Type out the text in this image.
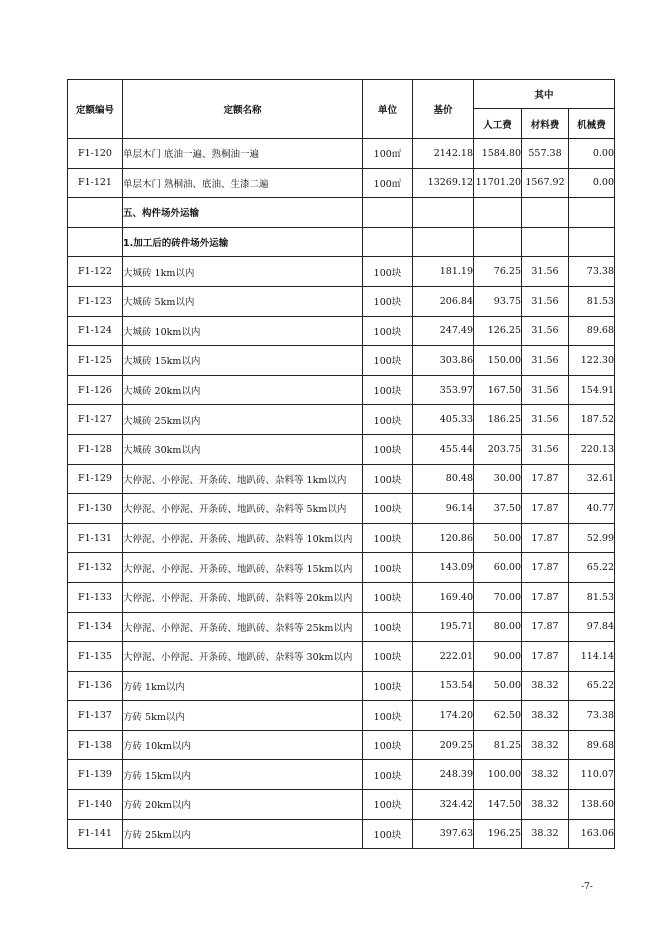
定额编号	定额名称	单位	基价	其中		
				人工费	材料费	机械费
F1-120	单层木门 底油一遍、熟桐油一遍	100㎡	2142.18	1584.80	557.38	0.00
F1-121	单层木门 熟桐油、底油、生漆二遍	100㎡	13269.12	11701.20	1567.92	0.00
	五、构件场外运输					
	1.加工后的砖件场外运输					
F1-122	大城砖 1km以内	100块	181.19	76.25	31.56	73.38
F1-123	大城砖 5km以内	100块	206.84	93.75	31.56	81.53
F1-124	大城砖 10km以内	100块	247.49	126.25	31.56	89.68
F1-125	大城砖 15km以内	100块	303.86	150.00	31.56	122.30
F1-126	大城砖 20km以内	100块	353.97	167.50	31.56	154.91
F1-127	大城砖 25km以内	100块	405.33	186.25	31.56	187.52
F1-128	大城砖 30km以内	100块	455.44	203.75	31.56	220.13
F1-129	大停泥、小停泥、开条砖、地趴砖、杂料等 1km以内	100块	80.48	30.00	17.87	32.61
F1-130	大停泥、小停泥、开条砖、地趴砖、杂料等 5km以内	100块	96.14	37.50	17.87	40.77
F1-131	大停泥、小停泥、开条砖、地趴砖、杂料等 10km以内	100块	120.86	50.00	17.87	52.99
F1-132	大停泥、小停泥、开条砖、地趴砖、杂料等 15km以内	100块	143.09	60.00	17.87	65.22
F1-133	大停泥、小停泥、开条砖、地趴砖、杂料等 20km以内	100块	169.40	70.00	17.87	81.53
F1-134	大停泥、小停泥、开条砖、地趴砖、杂料等 25km以内	100块	195.71	80.00	17.87	97.84
F1-135	大停泥、小停泥、开条砖、地趴砖、杂料等 30km以内	100块	222.01	90.00	17.87	114.14
F1-136	方砖 1km以内	100块	153.54	50.00	38.32	65.22
F1-137	方砖 5km以内	100块	174.20	62.50	38.32	73.38
F1-138	方砖 10km以内	100块	209.25	81.25	38.32	89.68
F1-139	方砖 15km以内	100块	248.39	100.00	38.32	110.07
F1-140	方砖 20km以内	100块	324.42	147.50	38.32	138.60
F1-141	方砖 25km以内	100块	397.63	196.25	38.32	163.06
-7-
